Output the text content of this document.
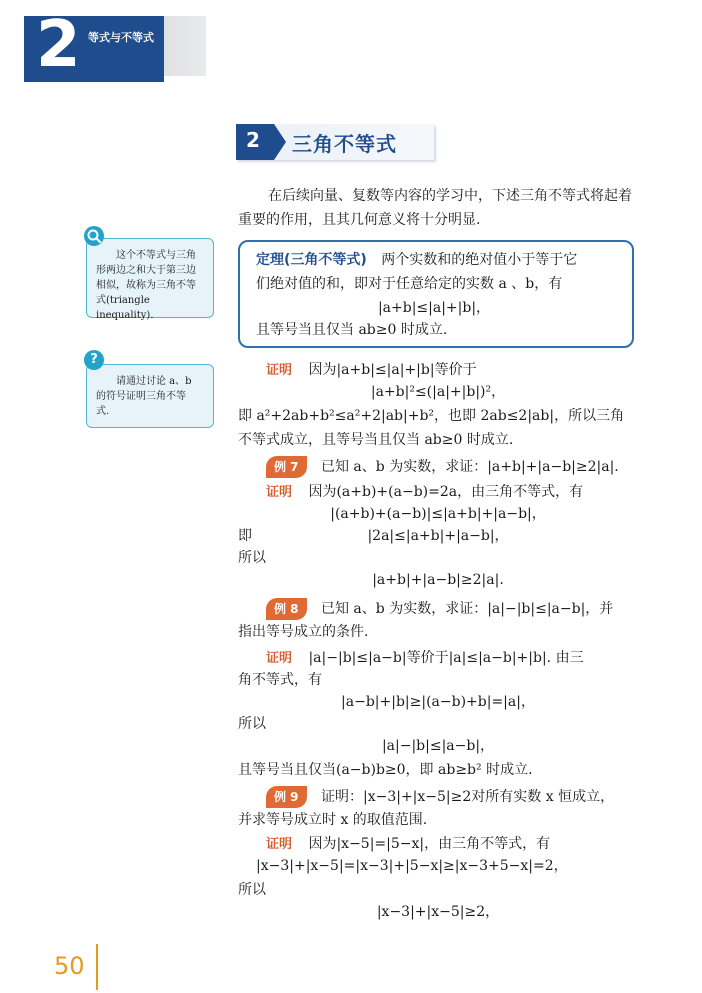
2 等式与不等式
2 三角不等式
在后续向量、复数等内容的学习中，下述三角不等式将起着
重要的作用，且其几何意义将十分明显.
这个不等式与三角
形两边之和大于第三边
相似，故称为三角不等
式(triangle inequality).
?
请通过讨论 a、b
的符号证明三角不等
式.
定理(三角不等式) 两个实数和的绝对值小于等于它
们绝对值的和，即对于任意给定的实数 a 、b，有
|a+b|≤|a|+|b|，
且等号当且仅当 ab≥0 时成立.
证明 因为|a+b|≤|a|+|b|等价于
|a+b|²≤(|a|+|b|)²，
即 a²+2ab+b²≤a²+2|ab|+b²，也即 2ab≤2|ab|，所以三角
不等式成立，且等号当且仅当 ab≥0 时成立.
例 7 已知 a、b 为实数，求证：|a+b|+|a−b|≥2|a|.
证明 因为(a+b)+(a−b)=2a，由三角不等式，有
|(a+b)+(a−b)|≤|a+b|+|a−b|，
即	|2a|≤|a+b|+|a−b|，
所以
|a+b|+|a−b|≥2|a|.
例 8 已知 a、b 为实数，求证：|a|−|b|≤|a−b|，并
指出等号成立的条件.
证明 |a|−|b|≤|a−b|等价于|a|≤|a−b|+|b|. 由三
角不等式，有
|a−b|+|b|≥|(a−b)+b|=|a|，
所以
|a|−|b|≤|a−b|，
且等号当且仅当(a−b)b≥0，即 ab≥b² 时成立.
例 9 证明：|x−3|+|x−5|≥2对所有实数 x 恒成立，
并求等号成立时 x 的取值范围.
证明 因为|x−5|=|5−x|，由三角不等式，有
|x−3|+|x−5|=|x−3|+|5−x|≥|x−3+5−x|=2，
所以
|x−3|+|x−5|≥2，
50
